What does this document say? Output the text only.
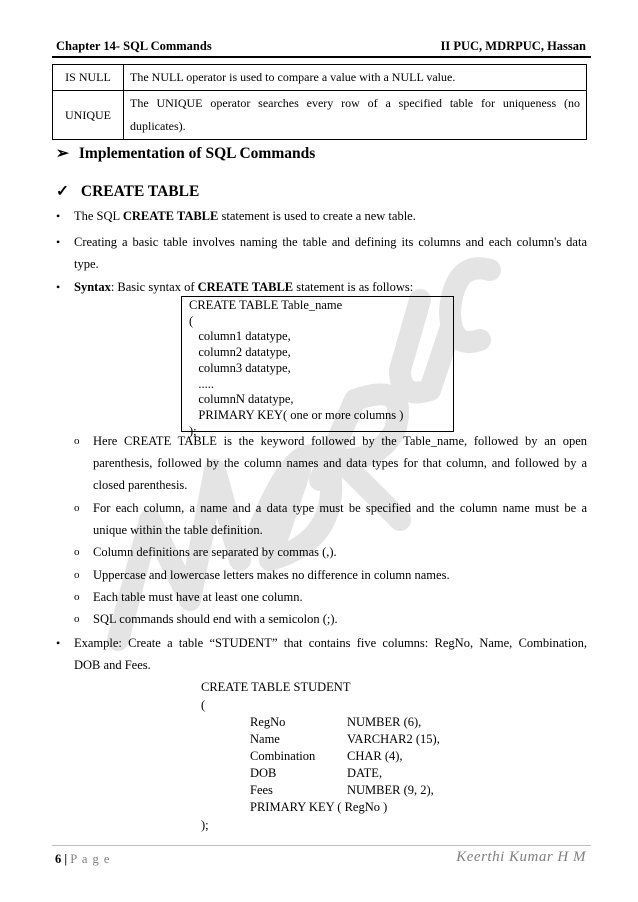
Chapter 14- SQL Commands	II PUC, MDRPUC, Hassan
IS NULL	The NULL operator is used to compare a value with a NULL value.
UNIQUE	The UNIQUE operator searches every row of a specified table for uniqueness (no
duplicates).
➢ Implementation of SQL Commands
✓ CREATE TABLE
• The SQL CREATE TABLE statement is used to create a new table.
• Creating a basic table involves naming the table and defining its columns and each column's data
type.
• Syntax: Basic syntax of CREATE TABLE statement is as follows:
CREATE TABLE Table_name
(
column1 datatype,
column2 datatype,
column3 datatype,
.....
columnN datatype,
PRIMARY KEY( one or more columns )
);
o Here CREATE TABLE is the keyword followed by the Table_name, followed by an open
parenthesis, followed by the column names and data types for that column, and followed by a
closed parenthesis.
o For each column, a name and a data type must be specified and the column name must be a
unique within the table definition.
o Column definitions are separated by commas (,).
o Uppercase and lowercase letters makes no difference in column names.
o Each table must have at least one column.
o SQL commands should end with a semicolon (;).
• Example: Create a table “STUDENT” that contains five columns: RegNo, Name, Combination,
DOB and Fees.
CREATE TABLE STUDENT
(
RegNo	NUMBER (6),
Name	VARCHAR2 (15),
Combination	CHAR (4),
DOB	DATE,
Fees	NUMBER (9, 2),
PRIMARY KEY ( RegNo )
);
6 | P a g e	Keerthi Kumar H M
